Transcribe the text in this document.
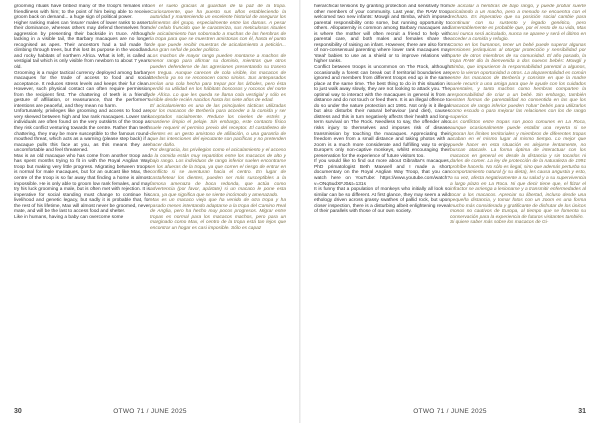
grooming rituals have bribed many of the troop's females into friendliness with him; to the point of him being able to receive groom back on demand... a huge sign of political power.

Higher ranking males can 'insure' males of lower ranks to assert their dominance, whereas others may defend themselves from aggression by presenting their backside in truce. Although lacking in a visible tail, the Barbary macaques are no longer recognised as apes. Their ancestors had a tail made for climbing through trees, but this lost its purpose in the woodland and rocky habitats of northern Africa. What is left, is called a vestigial tail which is only visible from newborn to about 7 years old.

Grooming is a major tactical currency deployed among barbary macaques for the trade of access to food and social acceptance. It reduces stress levels and keeps their fur clean. However, such physical contact can often require permission from the recipient first. The chattering of teeth is a friendly gesture of affiliation, or reassurance, that the performer's intentions are peaceful, and they mean no harm.

Unfortunately, privileges like grooming and access to food are very skewed between high and low rank macaques. Lower rank individuals are often found on the very outskirts of the troop as they risk conflict venturing towards the centre. Rather than teeth chattering, they may be more susceptible to the famous round-mouthed threat, which acts as a warning (please step back) if a macaque pulls this face at you, as this means they are uncomfortable and feel threatened.

Max is an old macaque who has come from another troop and has spent months trying to fit in with the Royal Anglian Way troop but making very little progress. Migrating between troops is normal for male macaques, but for an outcast like Max, the centre of the troop is so far away that finding a home is almost impossible. He is only able to groom low rank females, and may try his luck grooming a male, but is often met with rejection. It is imperative for social standing must change to continue his livelihood and genetic legacy, but sadly it is probable that, for the rest of his lifetime, Max will almost never be groomed, never mate, and will be the last to access food and shelter.

Like in humans, having a baby can overcome some

en el suelo gracias al guardián de la paz de la tropa. Curiosamente, que ha puesto sus años estableciendo la autoridad y manteniendo un excelente historial de asegurar los alimentos del grupo, especialmente entre las damas. A pesar del cefalo fruncido que le caracteriza, sus meticulosos rituales de acicalamiento han sobornado a muchas de las hembras de la tropa para que se muestren amistosas con él, hasta el punto de que puede recibir muestras de acicalamiento a petición... una gran señal de poder político.

Los machos de mayor rango pueden montarse a machos de menor rango para afirmar su dominio, mientras que otros pueden defenderse de las agresiones presentando su trasero en tregua. Aunque carecen de cola visible, los macacos de Berbería ya no se reconocen como simios. Sus antepasados tenían una cola hecha para trepar por los árboles, pero ésta perdió su utilidad en los hábitats boscosos y rocosos del norte de África. Lo que les queda se llama cola vestigial y sólo es visible desde recién nacidos hasta los siete años de edad.

El acicalamiento es una de las principales tácticas utilizadas por los macacos de Berbería para acceder a la comida y ser aceptados socialmente. Reduce los niveles de estrés y mantiene limpio el pelaje. Sin embargo, este contacto físico suele requerir el permiso previo del receptor. El castañeteo de dientes es un gesto amistoso de afiliación, o una garantía de que las intenciones del ejecutante son pacíficas y no pretenden hacer daño.

Por desgracia, los privilegios como el acicalamiento y el acceso a la comida están muy repartidos entre los macacos de alto y bajo rango. Los individuos de rango inferior suelen encontrarse en los afueras de la tropa, ya que corren el riesgo de entrar en conflicto si se aventuran hacia el centro. En lugar de castañetear los dientes, pueden ser más susceptibles a la famosa amenaza de boca redonda, que actúa como advertencia (por favor, apártate) si un macaco le pone esta cara, ya que significa que se siente incómodo y amenazado.

Max es un macaco viejo que ha venido de otra tropa y ha pasado meses intentando adaptarse a la tropa del Camino Real de Anglia, pero ha hecho muy pocos progresos. Migrar entre tropas es normal para los macacos machos, pero para un marginado como Max, el centro de la tropa está tan lejos que encontrar un hogar es casi imposible. Sólo es capaz

30	OTWO 71 / JUNE 2025

hierarchical tensions by granting protection and sensitivity from other members of your community. Last year, the RAW troop welcomed two new infants: Mowgli and Bimba, which imposed parental responsibility onto some, but running opportunity to others. Allopaternity is common among Barbary macaques and is where the mother will often recruit a friend to help with parental care, and both males and females share the responsibility of raising an infant. However, there are also forms of non-consensual parenting where lower rank macaques may 'steal' babies to use as a shield or to improve relations with higher ranks.

Conflict between troops is uncommon on The Rock, although occasionally a forest can break out if territorial boundaries are ignored and members from different troops end up in the same place at the same time. The best thing to do in this situation is to just walk away slowly, they are not looking to attack you. The optimal way to interact with the macaques in general is from a distance and do not touch or feed them. It is an illegal offence to do so under the nature protection act 1991. Not only is it illegal but also disturbs their natural behaviour (and diet), causes distress and this in turn negatively affects their health and long-term survival on The Rock. Needless to say, the offender also risks injury to themselves and imposes risk of disease transmission by touching the macaques. Appreciating their freedom even from a small distance and taking photos with a zoom is a much more considerate and fulfilling way to enjoy Europe's only non-captive monkeys, whilst encouraging their preservation for the experience of future visitors too.

If you would like to find out more about Gibraltar's macaques, PhD primatologist Beth Maxwell and I made a short documentary on the Royal Anglian Way Troop, that you can watch here on YouTube: https://www.youtube.com/watch?v=ONq5udXFJ0&t=131s

It is funny that a population of monkeys who initially all look so similar can be so different. At first glance, they may seem a wild ethology driven across grassy swathes of pallid rock, but upon closer inspection, there is a disturbing albeit enlightening reveal of their parallels with those of our own society.

de acicalar a hembras de bajo rango, y puede probar suerte acicalando a un macho, pero a menudo se encuentra con el rechazo. Es imperativo que su posición social cambie para continuar con su sustento y legado genético, pero lamentablemente es probable que, por el resto de su vida, Max casi nunca será acicalado, nunca se aparee y será el último en acceder a comida y refugio.

Como en los humanos, tener un bebé puede superar algunas tensiones jerárquicas al otorgar protección y sensibilidad por parte de otros miembros de su comunidad. El año pasado, la tropa RAW dio la bienvenida a dos nuevos bebés: Mowgli y Bimba, que impusieron la responsabilidad parental a algunos, pero la vieron oportunidad a otros. La aloparentalidad es común entre los macacos de Berbería y consiste en que la madre suele recurrir a una amiga para que le ayude con los cuidados parentales, y tanto machos como hembras comparten la responsabilidad de criar a un bebé. Sin embargo, también existen formas de parentalidad no consentida en las que los macacos de rango inferior pueden 'robar' bebés para utilizarlos como escudo o para mejorar las relaciones con los de rango superior.

Los conflictos entre tropas son poco comunes en La Roca, aunque ocasionalmente puede estallar una reyerta si se ignoran los límites territoriales y miembros de diferentes tropas acaban en el mismo lugar al mismo tiempo. Lo mejor que puede hacer en esta situación es alejarse lentamente, no buscan atacarle. La forma óptima de interactuar con los macacos en general es desde la distancia y sin tocarlos ni darles de comer. La ley de protección de la naturaleza de 1991 prohíbe hacerlo. No sólo es ilegal, sino que además perturba su comportamiento natural (y su dieta), les causa angustia y esto, a su vez, afecta negativamente a su salud y a su supervivencia a largo plazo en La Roca. Ni que decir tiene que, el ftizar el infractor se arriesga a lesionarse y a transmitir enfermedades al tocar a los macacos. Apreciar su libertad, incluso desde una pequeña distancia, y tomar fotos con un zoom es una forma mucho más considerada y gratificante de disfrutar de los únicos monos no cautivos de Europa, al tiempo que se fomenta su conservación para la experiencia de futuros visitantes también.

Si quiere saber más sobre los macacos de Gi-

OTWO 71 / JUNE 2025	31
